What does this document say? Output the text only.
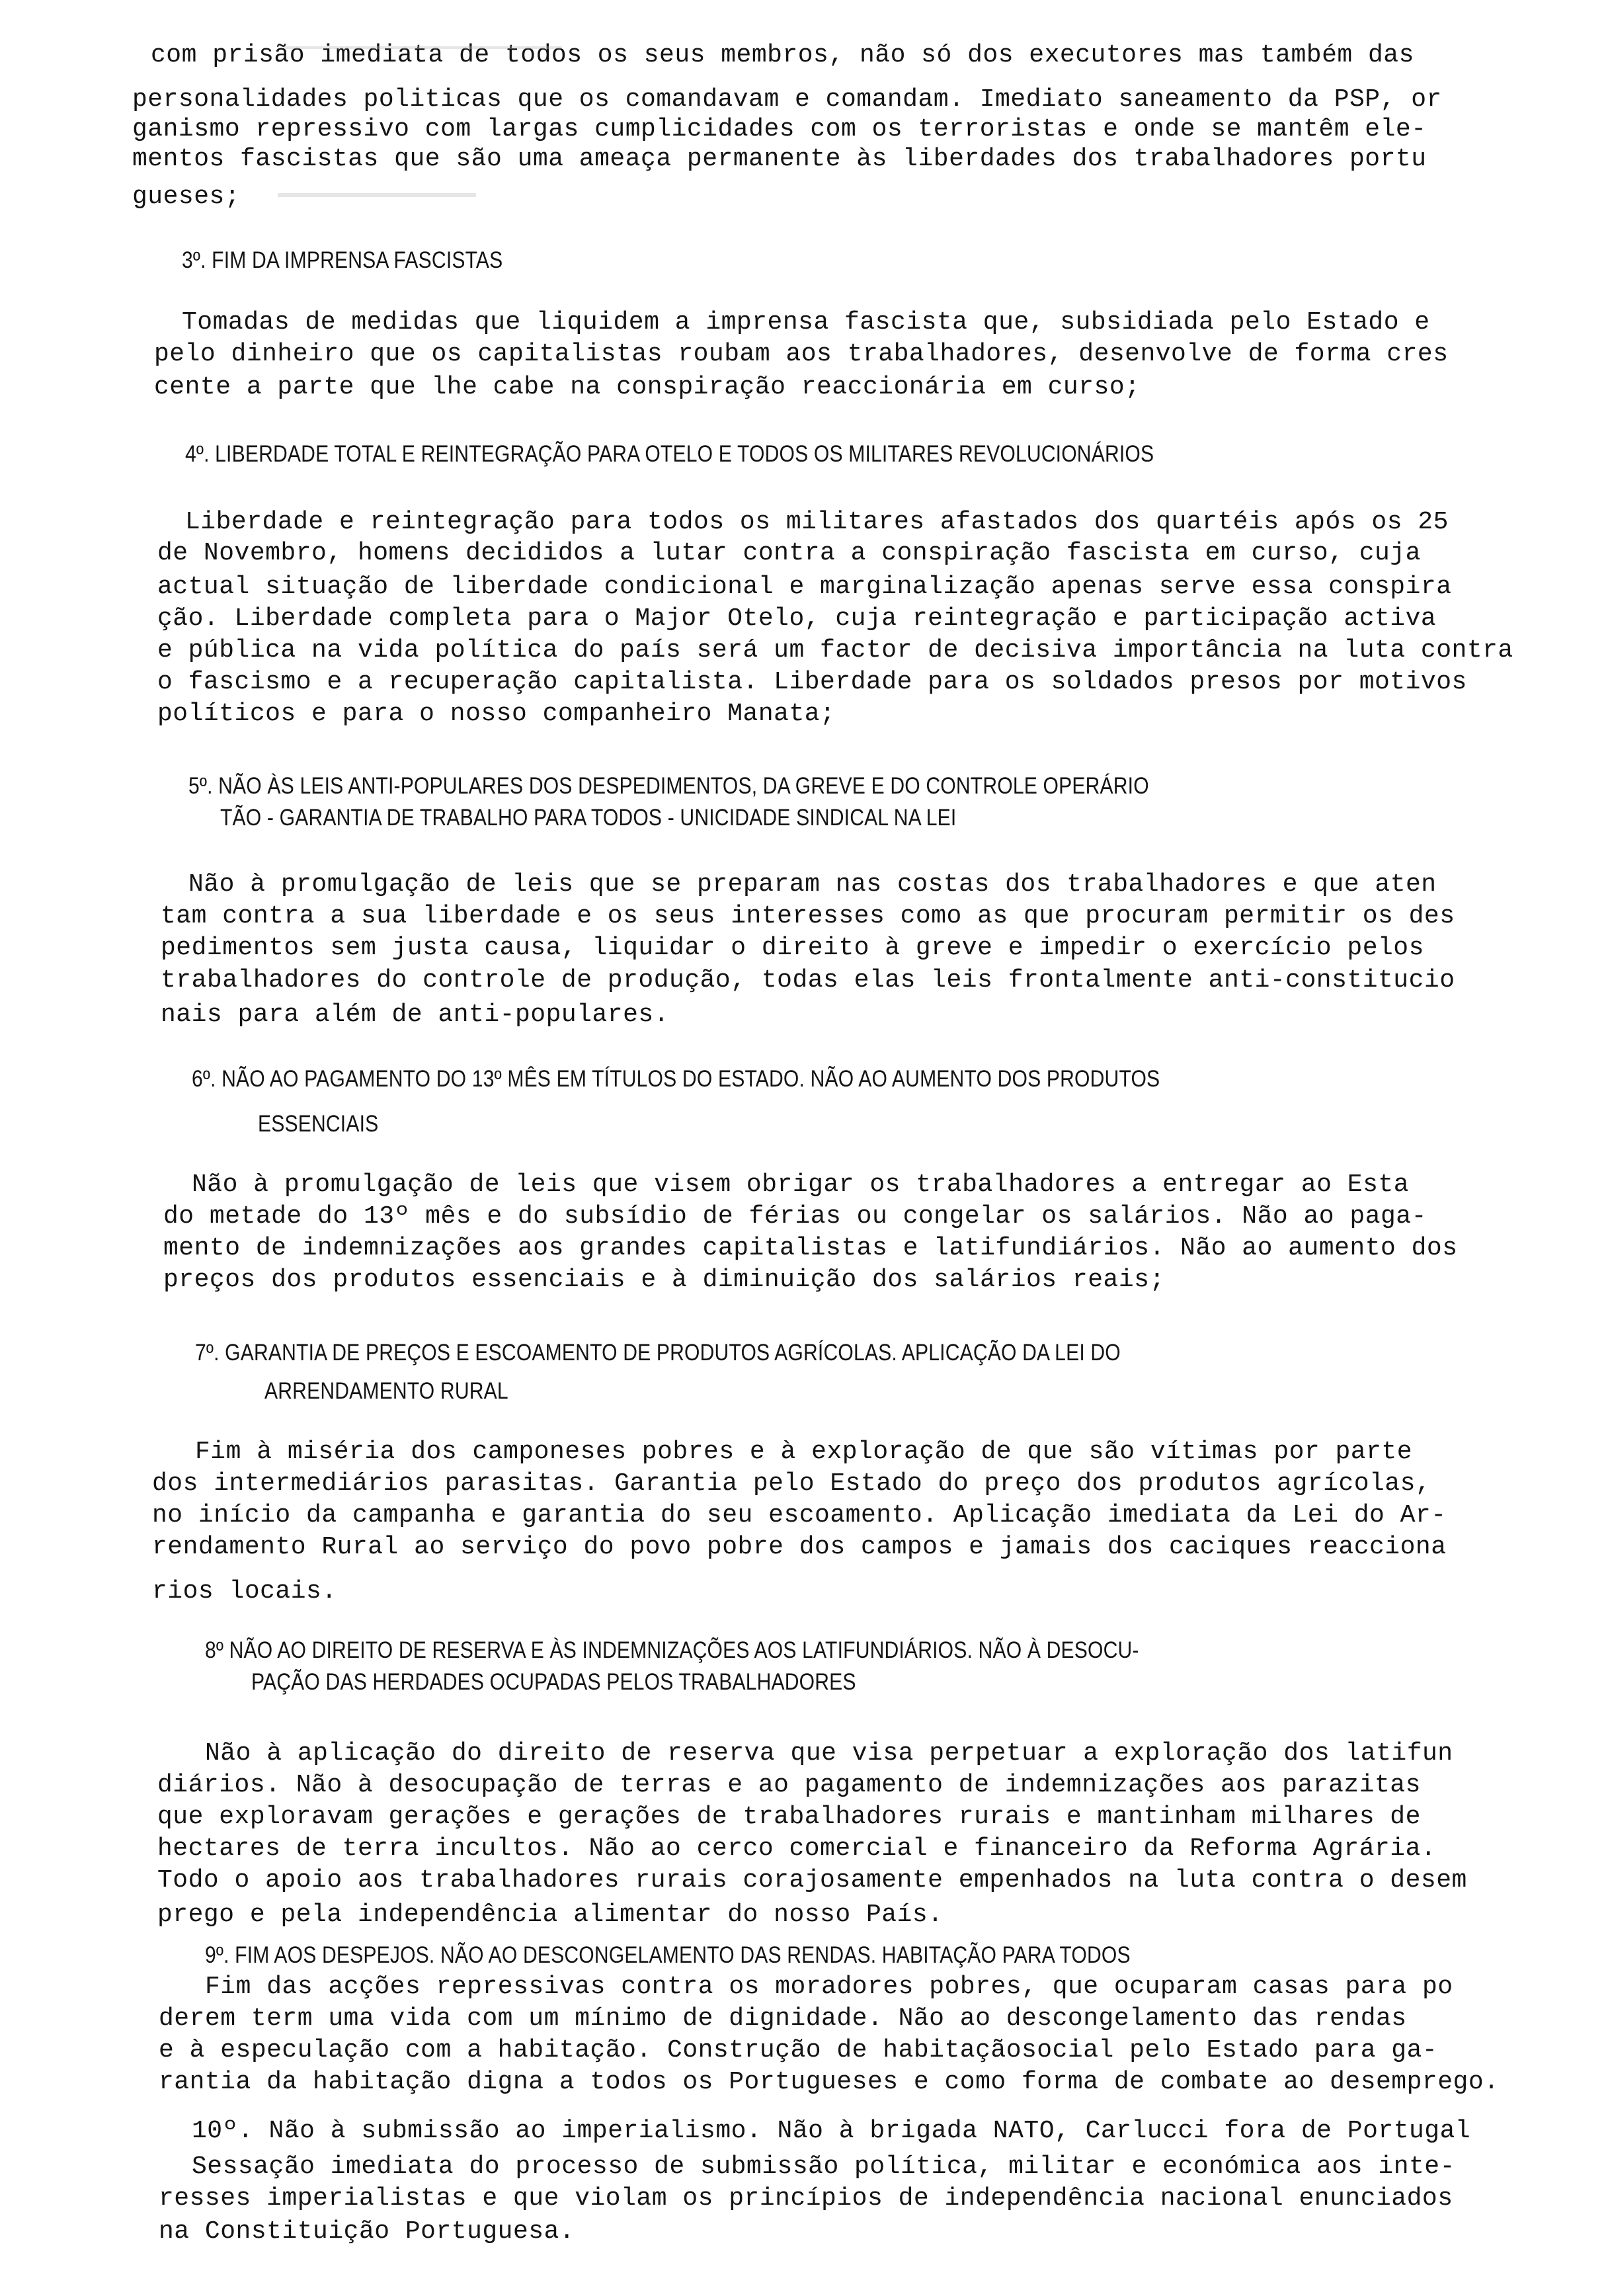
com prisão imediata de todos os seus membros, não só dos executores mas também das
personalidades politicas que os comandavam e comandam. Imediato saneamento da PSP, or
ganismo repressivo com largas cumplicidades com os terroristas e onde se mantêm ele-
mentos fascistas que são uma ameaça permanente às liberdades dos trabalhadores portu
gueses;
3º. FIM DA IMPRENSA FASCISTAS
Tomadas de medidas que liquidem a imprensa fascista que, subsidiada pelo Estado e
pelo dinheiro que os capitalistas roubam aos trabalhadores, desenvolve de forma cres
cente a parte que lhe cabe na conspiração reaccionária em curso;
4º. LIBERDADE TOTAL E REINTEGRAÇÃO PARA OTELO E TODOS OS MILITARES REVOLUCIONÁRIOS
Liberdade e reintegração para todos os militares afastados dos quartéis após os 25
de Novembro, homens decididos a lutar contra a conspiração fascista em curso, cuja
actual situação de liberdade condicional e marginalização apenas serve essa conspira
ção. Liberdade completa para o Major Otelo, cuja reintegração e participação activa
e pública na vida política do país será um factor de decisiva importância na luta contra
o fascismo e a recuperação capitalista. Liberdade para os soldados presos por motivos
políticos e para o nosso companheiro Manata;
5º. NÃO ÀS LEIS ANTI-POPULARES DOS DESPEDIMENTOS, DA GREVE E DO CONTROLE OPERÁRIO
TÃO - GARANTIA DE TRABALHO PARA TODOS - UNICIDADE SINDICAL NA LEI
Não à promulgação de leis que se preparam nas costas dos trabalhadores e que aten
tam contra a sua liberdade e os seus interesses como as que procuram permitir os des
pedimentos sem justa causa, liquidar o direito à greve e impedir o exercício pelos
trabalhadores do controle de produção, todas elas leis frontalmente anti-constitucio
nais para além de anti-populares.
6º. NÃO AO PAGAMENTO DO 13º MÊS EM TÍTULOS DO ESTADO. NÃO AO AUMENTO DOS PRODUTOS
ESSENCIAIS
Não à promulgação de leis que visem obrigar os trabalhadores a entregar ao Esta
do metade do 13º mês e do subsídio de férias ou congelar os salários. Não ao paga-
mento de indemnizações aos grandes capitalistas e latifundiários. Não ao aumento dos
preços dos produtos essenciais e à diminuição dos salários reais;
7º. GARANTIA DE PREÇOS E ESCOAMENTO DE PRODUTOS AGRÍCOLAS. APLICAÇÃO DA LEI DO
ARRENDAMENTO RURAL
Fim à miséria dos camponeses pobres e à exploração de que são vítimas por parte
dos intermediários parasitas. Garantia pelo Estado do preço dos produtos agrícolas,
no início da campanha e garantia do seu escoamento. Aplicação imediata da Lei do Ar-
rendamento Rural ao serviço do povo pobre dos campos e jamais dos caciques reacciona
rios locais.
8º NÃO AO DIREITO DE RESERVA E ÀS INDEMNIZAÇÕES AOS LATIFUNDIÁRIOS. NÃO À DESOCU-
PAÇÃO DAS HERDADES OCUPADAS PELOS TRABALHADORES
Não à aplicação do direito de reserva que visa perpetuar a exploração dos latifun
diários. Não à desocupação de terras e ao pagamento de indemnizações aos parazitas
que exploravam gerações e gerações de trabalhadores rurais e mantinham milhares de
hectares de terra incultos. Não ao cerco comercial e financeiro da Reforma Agrária.
Todo o apoio aos trabalhadores rurais corajosamente empenhados na luta contra o desem
prego e pela independência alimentar do nosso País.
9º. FIM AOS DESPEJOS. NÃO AO DESCONGELAMENTO DAS RENDAS. HABITAÇÃO PARA TODOS
Fim das acções repressivas contra os moradores pobres, que ocuparam casas para po
derem term uma vida com um mínimo de dignidade. Não ao descongelamento das rendas
e à especulação com a habitação. Construção de habitaçãosocial pelo Estado para ga-
rantia da habitação digna a todos os Portugueses e como forma de combate ao desemprego.
10º. Não à submissão ao imperialismo. Não à brigada NATO, Carlucci fora de Portugal
Sessação imediata do processo de submissão política, militar e económica aos inte-
resses imperialistas e que violam os princípios de independência nacional enunciados
na Constituição Portuguesa.
